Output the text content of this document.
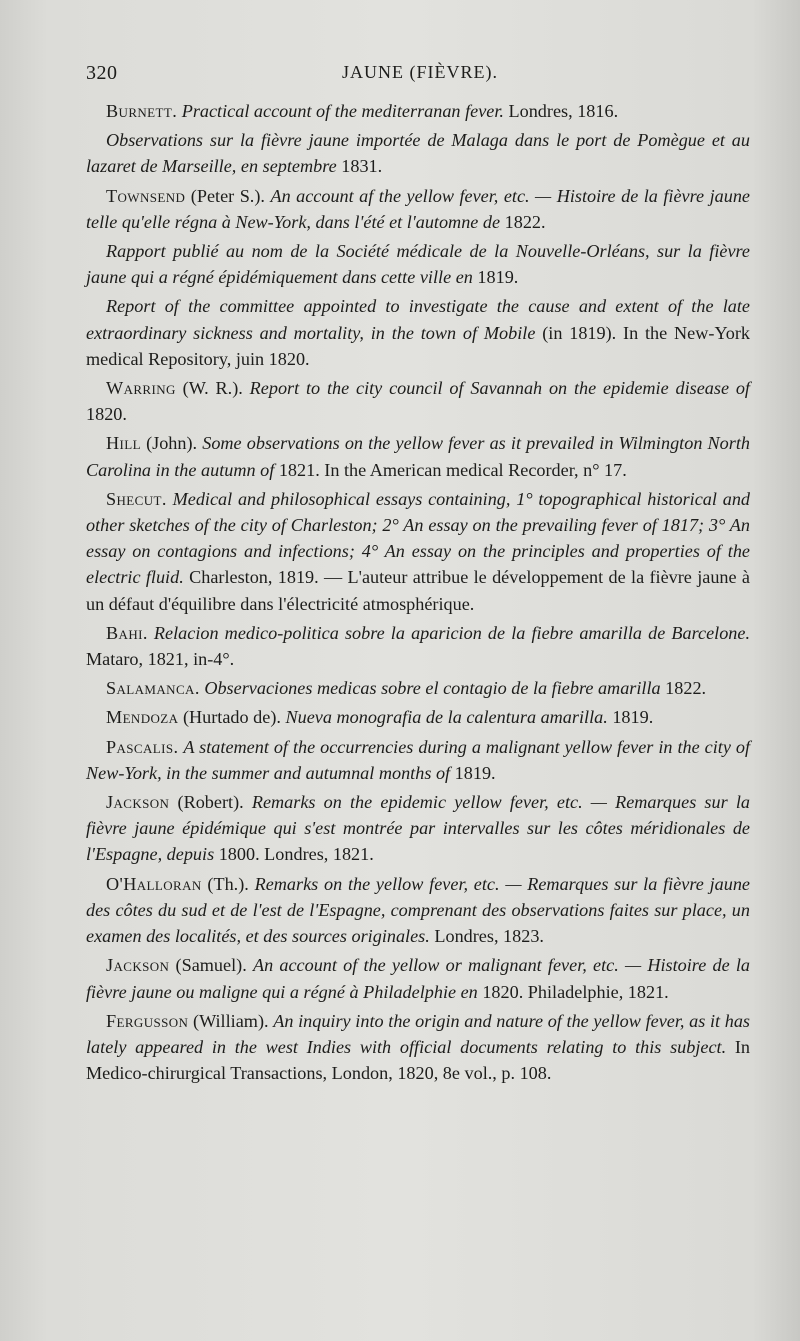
320	JAUNE (FIÈVRE).

Burnett. Practical account of the mediterranan fever. Londres, 1816.

Observations sur la fièvre jaune importée de Malaga dans le port de Pomègue et au lazaret de Marseille, en septembre 1831.

Townsend (Peter S.). An account af the yellow fever, etc. — Histoire de la fièvre jaune telle qu'elle régna à New-York, dans l'été et l'automne de 1822.

Rapport publié au nom de la Société médicale de la Nouvelle-Orléans, sur la fièvre jaune qui a régné épidémiquement dans cette ville en 1819.

Report of the committee appointed to investigate the cause and extent of the late extraordinary sickness and mortality, in the town of Mobile (in 1819). In the New-York medical Repository, juin 1820.

Warring (W. R.). Report to the city council of Savannah on the epidemie disease of 1820.

Hill (John). Some observations on the yellow fever as it prevailed in Wilmington North Carolina in the autumn of 1821. In the American medical Recorder, n° 17.

Shecut. Medical and philosophical essays containing, 1° topographical historical and other sketches of the city of Charleston; 2° An essay on the prevailing fever of 1817; 3° An essay on contagions and infections; 4° An essay on the principles and properties of the electric fluid. Charleston, 1819. — L'auteur attribue le développement de la fièvre jaune à un défaut d'équilibre dans l'électricité atmosphérique.

Bahi. Relacion medico-politica sobre la aparicion de la fiebre amarilla de Barcelone. Mataro, 1821, in-4°.

Salamanca. Observaciones medicas sobre el contagio de la fiebre amarilla 1822.

Mendoza (Hurtado de). Nueva monografia de la calentura amarilla. 1819.

Pascalis. A statement of the occurrencies during a malignant yellow fever in the city of New-York, in the summer and autumnal months of 1819.

Jackson (Robert). Remarks on the epidemic yellow fever, etc. — Remarques sur la fièvre jaune épidémique qui s'est montrée par intervalles sur les côtes méridionales de l'Espagne, depuis 1800. Londres, 1821.

O'Halloran (Th.). Remarks on the yellow fever, etc. — Remarques sur la fièvre jaune des côtes du sud et de l'est de l'Espagne, comprenant des observations faites sur place, un examen des localités, et des sources originales. Londres, 1823.

Jackson (Samuel). An account of the yellow or malignant fever, etc. — Histoire de la fièvre jaune ou maligne qui a régné à Philadelphie en 1820. Philadelphie, 1821.

Fergusson (William). An inquiry into the origin and nature of the yellow fever, as it has lately appeared in the west Indies with official documents relating to this subject. In Medico-chirurgical Transactions, London, 1820, 8e vol., p. 108.
